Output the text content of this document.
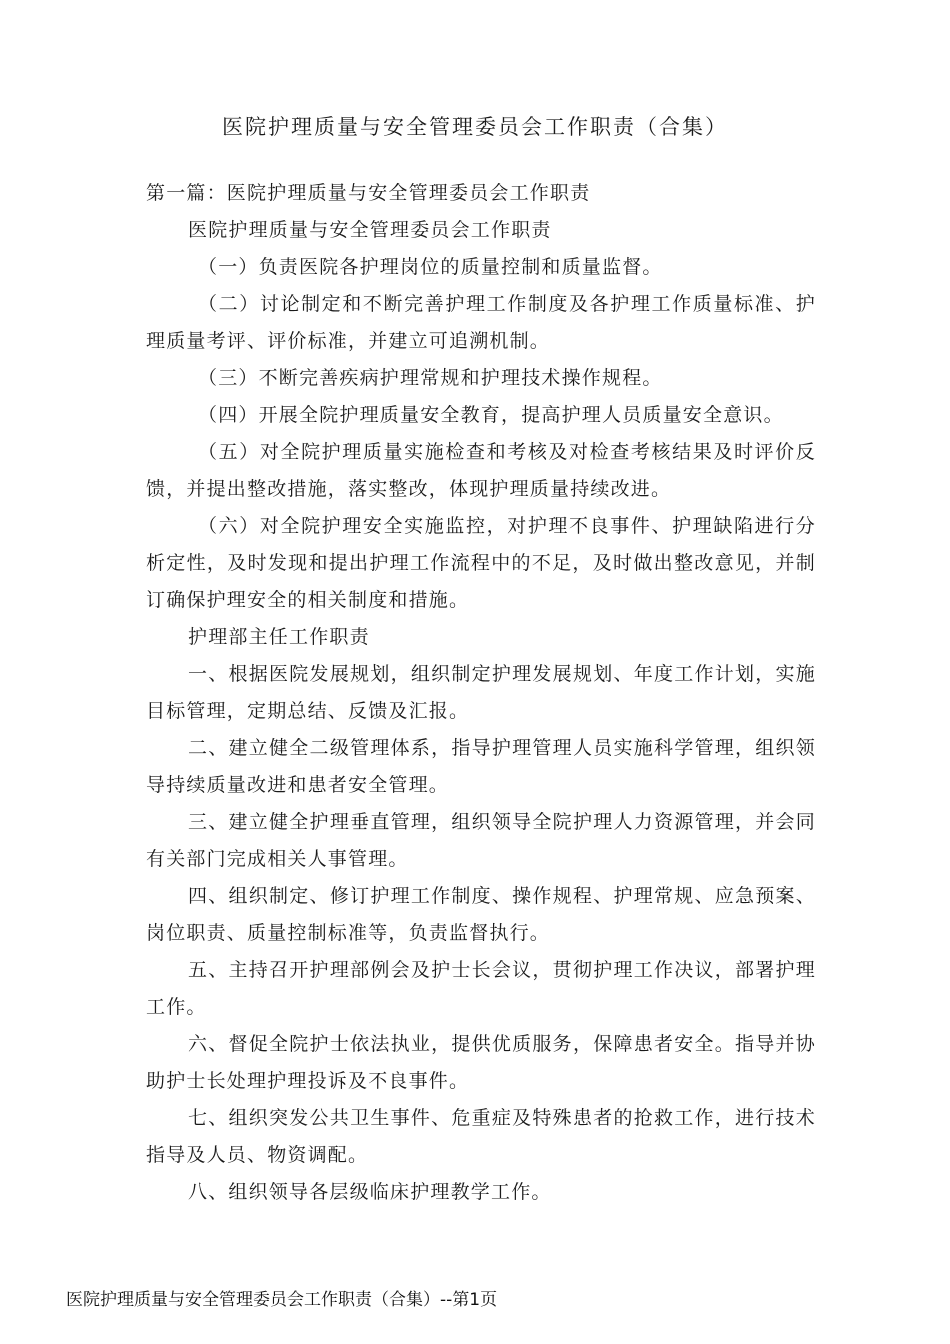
医院护理质量与安全管理委员会工作职责（合集）

第一篇：医院护理质量与安全管理委员会工作职责

医院护理质量与安全管理委员会工作职责

（一）负责医院各护理岗位的质量控制和质量监督。

（二）讨论制定和不断完善护理工作制度及各护理工作质量标准、护理质量考评、评价标准，并建立可追溯机制。

（三）不断完善疾病护理常规和护理技术操作规程。

（四）开展全院护理质量安全教育，提高护理人员质量安全意识。

（五）对全院护理质量实施检查和考核及对检查考核结果及时评价反馈，并提出整改措施，落实整改，体现护理质量持续改进。

（六）对全院护理安全实施监控，对护理不良事件、护理缺陷进行分析定性，及时发现和提出护理工作流程中的不足，及时做出整改意见，并制订确保护理安全的相关制度和措施。

护理部主任工作职责

一、根据医院发展规划，组织制定护理发展规划、年度工作计划，实施目标管理，定期总结、反馈及汇报。

二、建立健全二级管理体系，指导护理管理人员实施科学管理，组织领导持续质量改进和患者安全管理。

三、建立健全护理垂直管理，组织领导全院护理人力资源管理，并会同有关部门完成相关人事管理。

四、组织制定、修订护理工作制度、操作规程、护理常规、应急预案、岗位职责、质量控制标准等，负责监督执行。

五、主持召开护理部例会及护士长会议，贯彻护理工作决议，部署护理工作。

六、督促全院护士依法执业，提供优质服务，保障患者安全。指导并协助护士长处理护理投诉及不良事件。

七、组织突发公共卫生事件、危重症及特殊患者的抢救工作，进行技术指导及人员、物资调配。

八、组织领导各层级临床护理教学工作。

医院护理质量与安全管理委员会工作职责（合集）--第1页
